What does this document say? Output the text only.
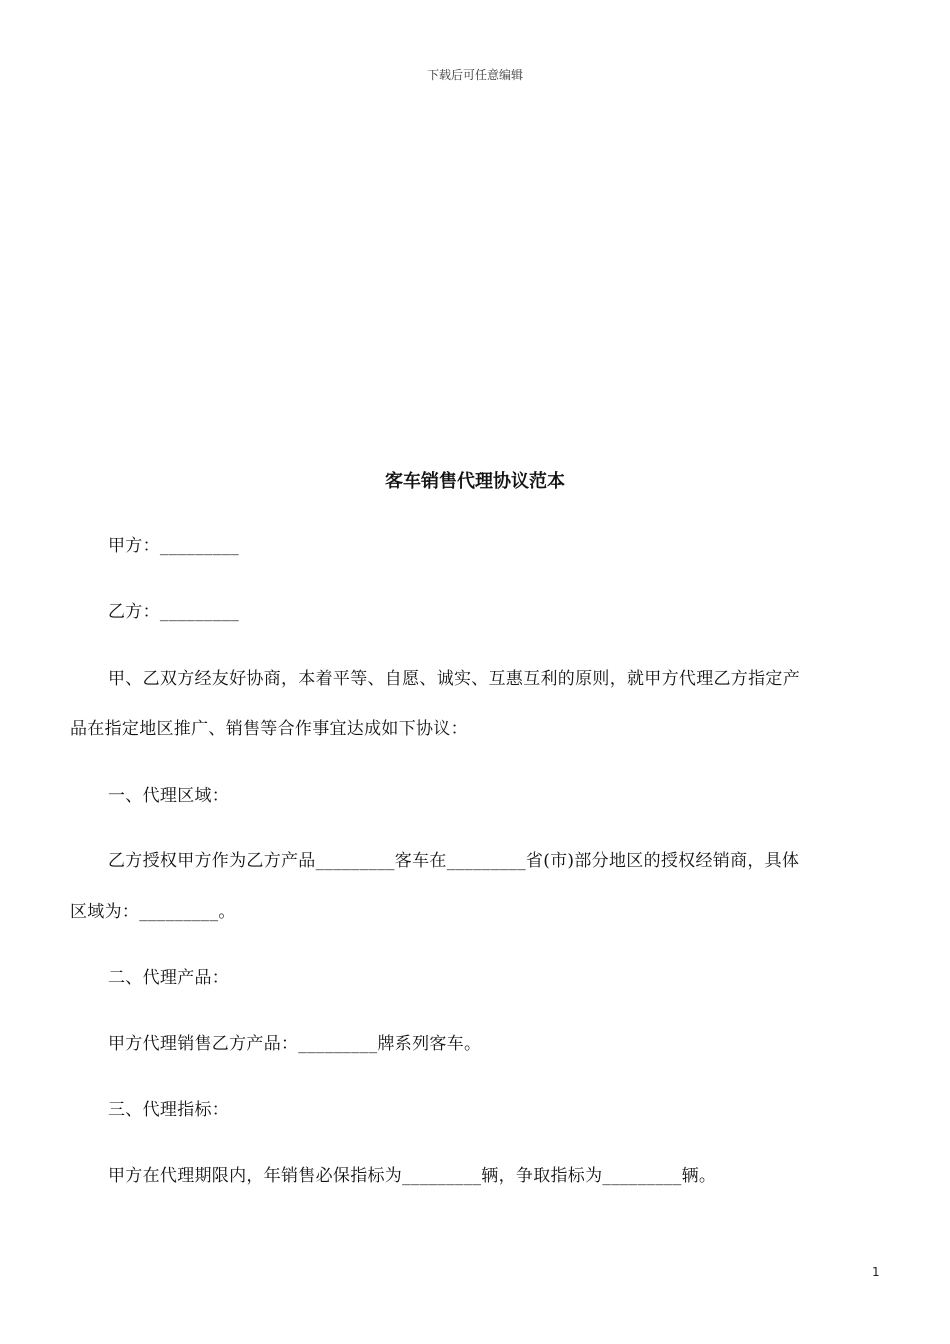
下载后可任意编辑
客车销售代理协议范本
甲方：_________
乙方：_________
甲、乙双方经友好协商，本着平等、自愿、诚实、互惠互利的原则，就甲方代理乙方指定产
品在指定地区推广、销售等合作事宜达成如下协议：
一、代理区域：
乙方授权甲方作为乙方产品_________客车在_________省(市)部分地区的授权经销商，具体
区域为：_________。
二、代理产品：
甲方代理销售乙方产品：_________牌系列客车。
三、代理指标：
甲方在代理期限内，年销售必保指标为_________辆，争取指标为_________辆。
1
